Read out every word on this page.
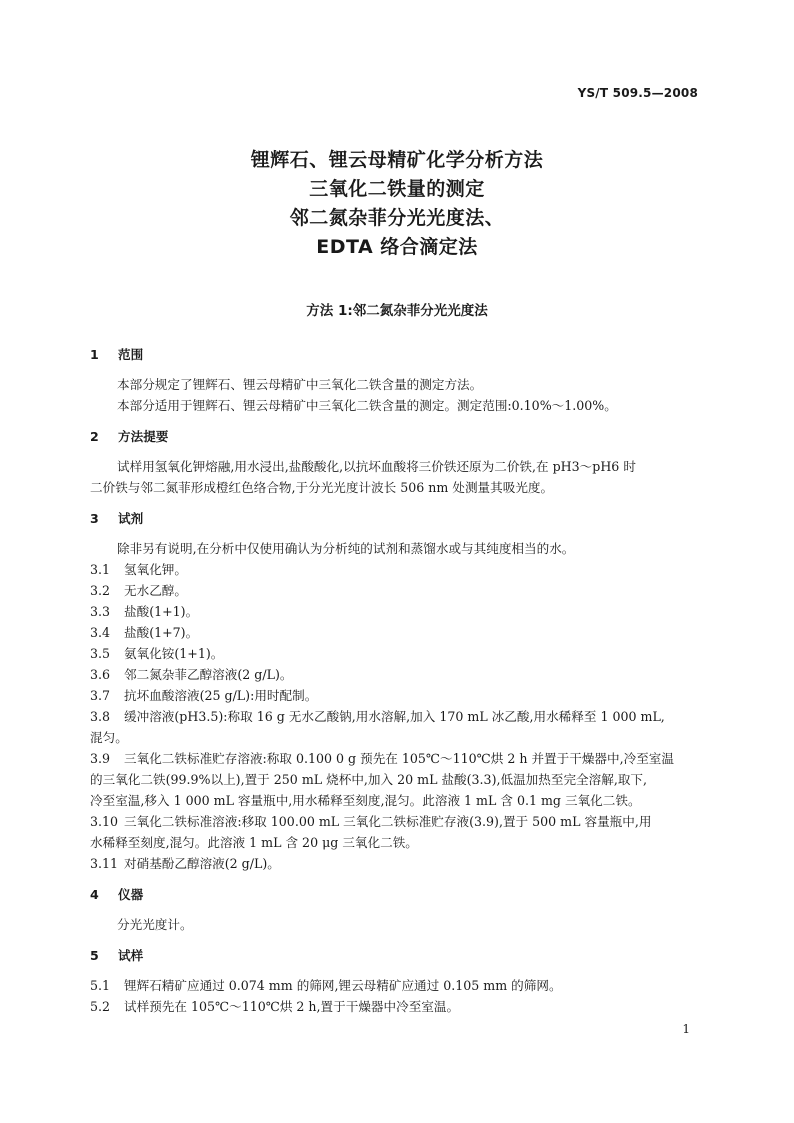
YS/T 509.5—2008
锂辉石、锂云母精矿化学分析方法
三氧化二铁量的测定
邻二氮杂菲分光光度法、
EDTA 络合滴定法
方法 1:邻二氮杂菲分光光度法
1 范围
本部分规定了锂辉石、锂云母精矿中三氧化二铁含量的测定方法。
本部分适用于锂辉石、锂云母精矿中三氧化二铁含量的测定。测定范围:0.10%～1.00%。
2 方法提要
试样用氢氧化钾熔融,用水浸出,盐酸酸化,以抗坏血酸将三价铁还原为二价铁,在 pH3～pH6 时
二价铁与邻二氮菲形成橙红色络合物,于分光光度计波长 506 nm 处测量其吸光度。
3 试剂
除非另有说明,在分析中仅使用确认为分析纯的试剂和蒸馏水或与其纯度相当的水。
3.1 氢氧化钾。
3.2 无水乙醇。
3.3 盐酸(1+1)。
3.4 盐酸(1+7)。
3.5 氨氧化铵(1+1)。
3.6 邻二氮杂菲乙醇溶液(2 g/L)。
3.7 抗坏血酸溶液(25 g/L):用时配制。
3.8 缓冲溶液(pH3.5):称取 16 g 无水乙酸钠,用水溶解,加入 170 mL 冰乙酸,用水稀释至 1 000 mL,
混匀。
3.9 三氧化二铁标准贮存溶液:称取 0.100 0 g 预先在 105℃～110℃烘 2 h 并置于干燥器中,冷至室温
的三氧化二铁(99.9%以上),置于 250 mL 烧杯中,加入 20 mL 盐酸(3.3),低温加热至完全溶解,取下,
冷至室温,移入 1 000 mL 容量瓶中,用水稀释至刻度,混匀。此溶液 1 mL 含 0.1 mg 三氧化二铁。
3.10 三氧化二铁标准溶液:移取 100.00 mL 三氧化二铁标准贮存液(3.9),置于 500 mL 容量瓶中,用
水稀释至刻度,混匀。此溶液 1 mL 含 20 μg 三氧化二铁。
3.11 对硝基酚乙醇溶液(2 g/L)。
4 仪器
分光光度计。
5 试样
5.1 锂辉石精矿应通过 0.074 mm 的筛网,锂云母精矿应通过 0.105 mm 的筛网。
5.2 试样预先在 105℃～110℃烘 2 h,置于干燥器中冷至室温。
1
